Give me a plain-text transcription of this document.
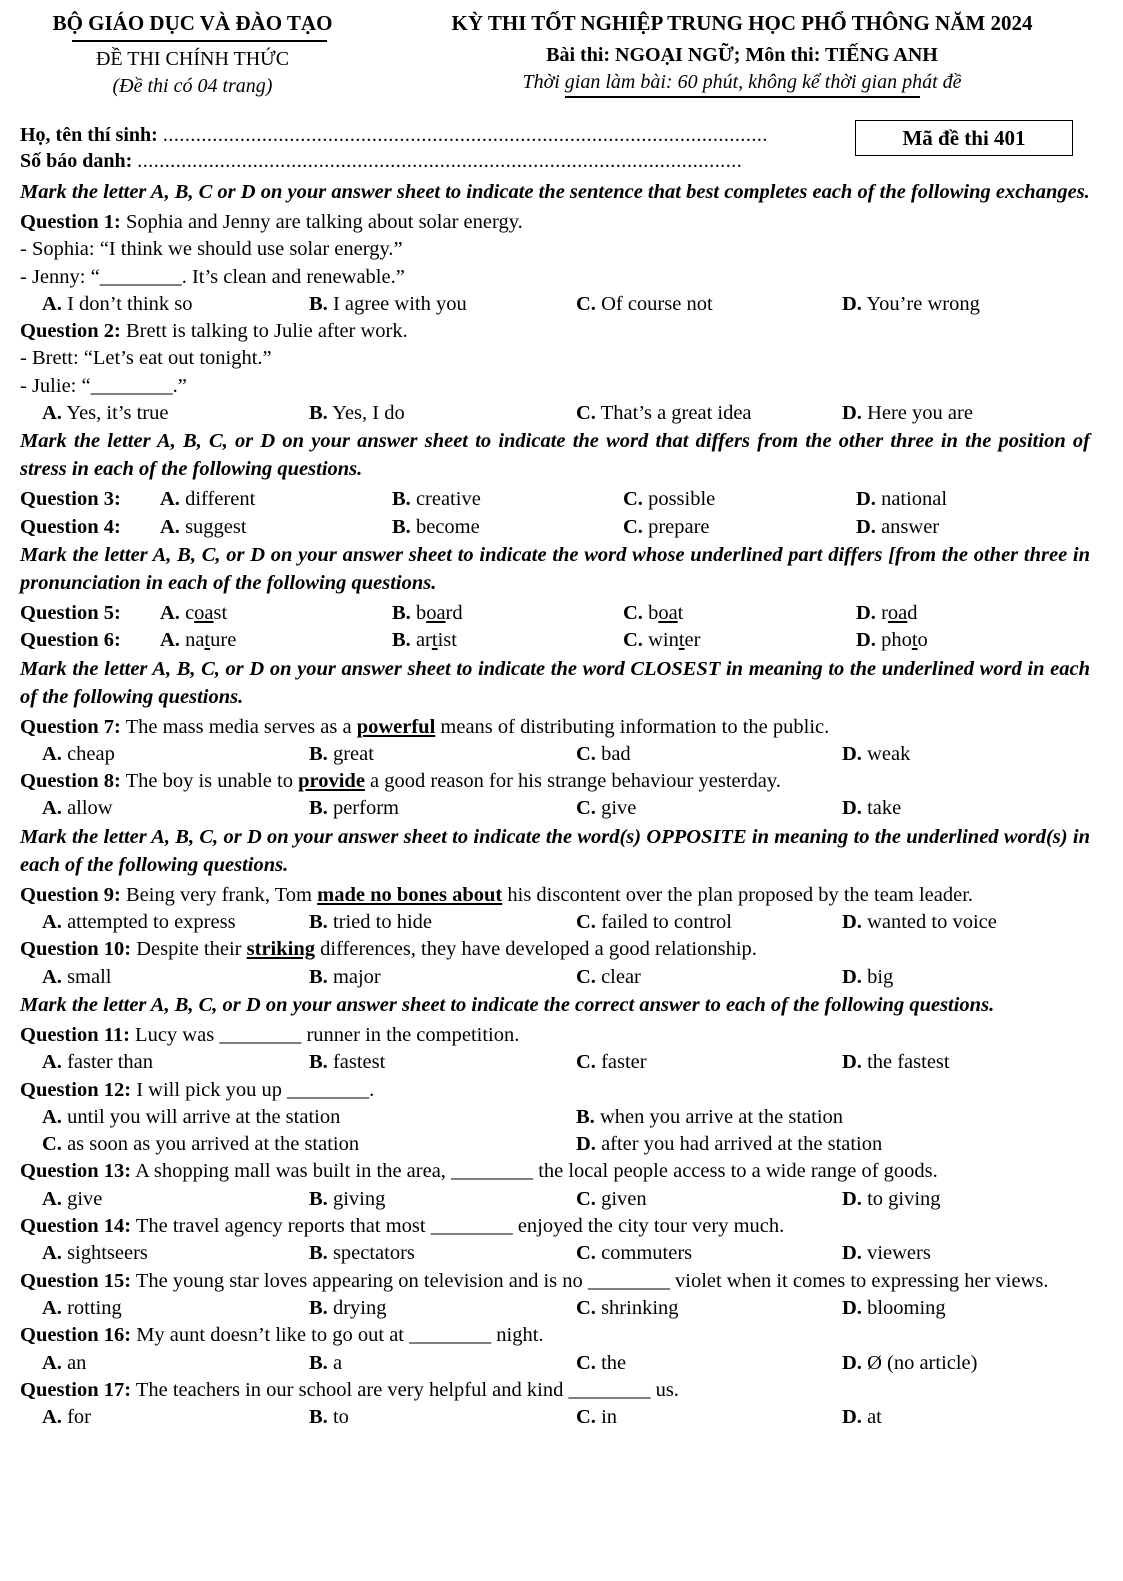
BỘ GIÁO DỤC VÀ ĐÀO TẠO
ĐỀ THI CHÍNH THỨC
(Đề thi có 04 trang)
KỲ THI TỐT NGHIỆP TRUNG HỌC PHỔ THÔNG NĂM 2024
Bài thi: NGOẠI NGỮ; Môn thi: TIẾNG ANH
Thời gian làm bài: 60 phút, không kể thời gian phát đề
Họ, tên thí sinh: ..............................................................................................................
Số báo danh: ..............................................................................................................
Mã đề thi 401

Mark the letter A, B, C or D on your answer sheet to indicate the sentence that best completes each of the following exchanges.

Question 1: Sophia and Jenny are talking about solar energy.
- Sophia: “I think we should use solar energy.”
- Jenny: “________. It’s clean and renewable.”
A. I don’t think so	B. I agree with you	C. Of course not	D. You’re wrong
Question 2: Brett is talking to Julie after work.
- Brett: “Let’s eat out tonight.”
- Julie: “________.”
A. Yes, it’s true	B. Yes, I do	C. That’s a great idea	D. Here you are

Mark the letter A, B, C, or D on your answer sheet to indicate the word that differs from the other three in the position of stress in each of the following questions.

Question 3: A. different	B. creative	C. possible	D. national
Question 4: A. suggest	B. become	C. prepare	D. answer

Mark the letter A, B, C, or D on your answer sheet to indicate the word whose underlined part differs [from the other three in pronunciation in each of the following questions.

Question 5: A. coast	B. board	C. boat	D. road
Question 6: A. nature	B. artist	C. winter	D. photo

Mark the letter A, B, C, or D on your answer sheet to indicate the word CLOSEST in meaning to the underlined word in each of the following questions.

Question 7: The mass media serves as a powerful means of distributing information to the public.
A. cheap	B. great	C. bad	D. weak
Question 8: The boy is unable to provide a good reason for his strange behaviour yesterday.
A. allow	B. perform	C. give	D. take

Mark the letter A, B, C, or D on your answer sheet to indicate the word(s) OPPOSITE in meaning to the underlined word(s) in each of the following questions.

Question 9: Being very frank, Tom made no bones about his discontent over the plan proposed by the team leader.
A. attempted to express	B. tried to hide	C. failed to control	D. wanted to voice
Question 10: Despite their striking differences, they have developed a good relationship.
A. small	B. major	C. clear	D. big

Mark the letter A, B, C, or D on your answer sheet to indicate the correct answer to each of the following questions.

Question 11: Lucy was ________ runner in the competition.
A. faster than	B. fastest	C. faster	D. the fastest
Question 12: I will pick you up ________.
A. until you will arrive at the station	B. when you arrive at the station
C. as soon as you arrived at the station	D. after you had arrived at the station
Question 13: A shopping mall was built in the area, ________ the local people access to a wide range of goods.
A. give	B. giving	C. given	D. to giving
Question 14: The travel agency reports that most ________ enjoyed the city tour very much.
A. sightseers	B. spectators	C. commuters	D. viewers
Question 15: The young star loves appearing on television and is no ________ violet when it comes to expressing her views.
A. rotting	B. drying	C. shrinking	D. blooming
Question 16: My aunt doesn’t like to go out at ________ night.
A. an	B. a	C. the	D. Ø (no article)
Question 17: The teachers in our school are very helpful and kind ________ us.
A. for	B. to	C. in	D. at
